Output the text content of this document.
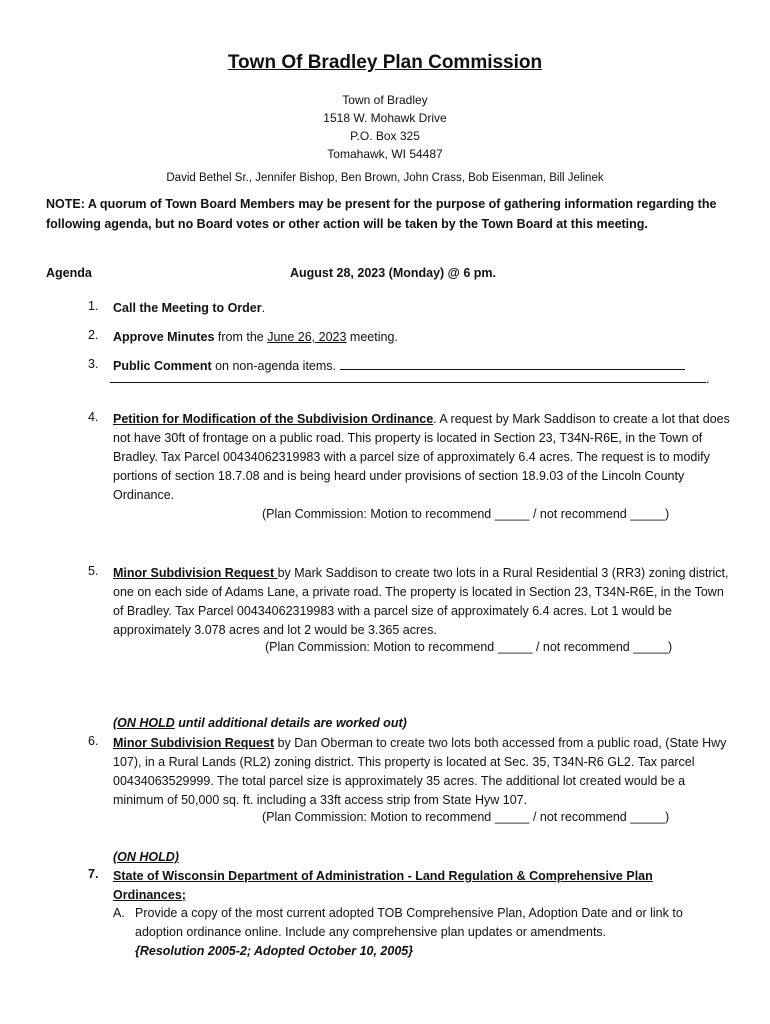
Town Of Bradley Plan Commission
Town of Bradley
1518 W. Mohawk Drive
P.O. Box 325
Tomahawk, WI 54487
David Bethel Sr., Jennifer Bishop, Ben Brown, John Crass, Bob Eisenman, Bill Jelinek
NOTE: A quorum of Town Board Members may be present for the purpose of gathering information regarding the following agenda, but no Board votes or other action will be taken by the Town Board at this meeting.
Agenda	August 28, 2023 (Monday) @ 6 pm.
1. Call the Meeting to Order.
2. Approve Minutes from the June 26, 2023 meeting.
3. Public Comment on non-agenda items.
.
4. Petition for Modification of the Subdivision Ordinance. A request by Mark Saddison to create a lot that does not have 30ft of frontage on a public road. This property is located in Section 23, T34N-R6E, in the Town of Bradley. Tax Parcel 00434062319983 with a parcel size of approximately 6.4 acres. The request is to modify portions of section 18.7.08 and is being heard under provisions of section 18.9.03 of the Lincoln County Ordinance.
(Plan Commission: Motion to recommend _____ / not recommend _____)
5. Minor Subdivision Request by Mark Saddison to create two lots in a Rural Residential 3 (RR3) zoning district, one on each side of Adams Lane, a private road. The property is located in Section 23, T34N-R6E, in the Town of Bradley. Tax Parcel 00434062319983 with a parcel size of approximately 6.4 acres. Lot 1 would be approximately 3.078 acres and lot 2 would be 3.365 acres.
(Plan Commission: Motion to recommend _____ / not recommend _____)
(ON HOLD until additional details are worked out)
6. Minor Subdivision Request by Dan Oberman to create two lots both accessed from a public road, (State Hwy 107), in a Rural Lands (RL2) zoning district. This property is located at Sec. 35, T34N-R6 GL2. Tax parcel 00434063529999. The total parcel size is approximately 35 acres. The additional lot created would be a minimum of 50,000 sq. ft. including a 33ft access strip from State Hyw 107.
(Plan Commission: Motion to recommend _____ / not recommend _____)
(ON HOLD)
7. State of Wisconsin Department of Administration - Land Regulation & Comprehensive Plan Ordinances;
A. Provide a copy of the most current adopted TOB Comprehensive Plan, Adoption Date and or link to adoption ordinance online. Include any comprehensive plan updates or amendments.
{Resolution 2005-2; Adopted October 10, 2005}
